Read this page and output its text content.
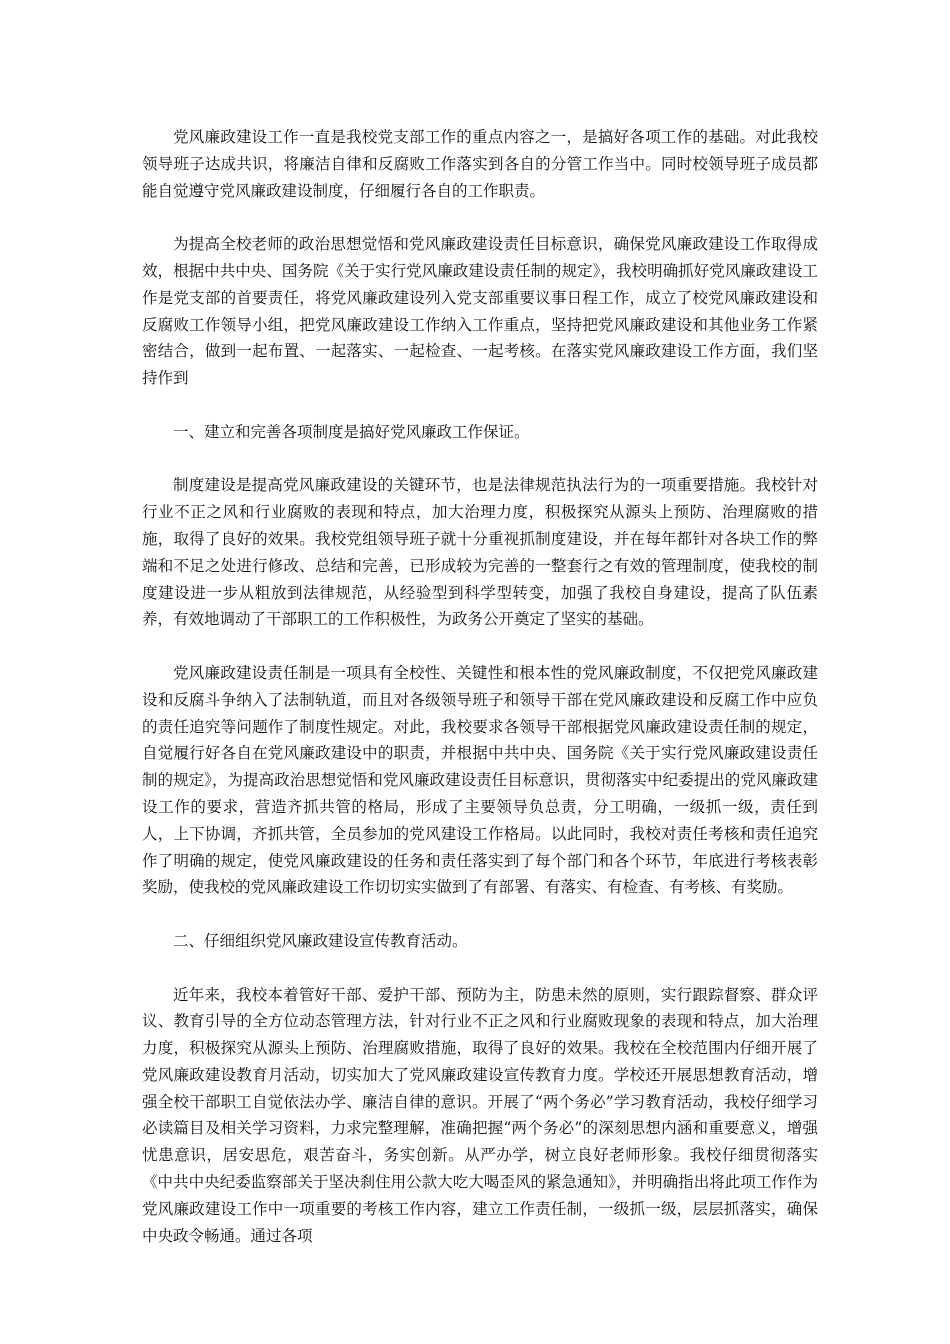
党风廉政建设工作一直是我校党支部工作的重点内容之一，是搞好各项工作的基础。对此我校领导班子达成共识，将廉洁自律和反腐败工作落实到各自的分管工作当中。同时校领导班子成员都能自觉遵守党风廉政建设制度，仔细履行各自的工作职责。

为提高全校老师的政治思想觉悟和党风廉政建设责任目标意识，确保党风廉政建设工作取得成效，根据中共中央、国务院《关于实行党风廉政建设责任制的规定》，我校明确抓好党风廉政建设工作是党支部的首要责任，将党风廉政建设列入党支部重要议事日程工作，成立了校党风廉政建设和反腐败工作领导小组，把党风廉政建设工作纳入工作重点，坚持把党风廉政建设和其他业务工作紧密结合，做到一起布置、一起落实、一起检查、一起考核。在落实党风廉政建设工作方面，我们坚持作到

一、建立和完善各项制度是搞好党风廉政工作保证。

制度建设是提高党风廉政建设的关键环节，也是法律规范执法行为的一项重要措施。我校针对行业不正之风和行业腐败的表现和特点，加大治理力度，积极探究从源头上预防、治理腐败的措施，取得了良好的效果。我校党组领导班子就十分重视抓制度建设，并在每年都针对各块工作的弊端和不足之处进行修改、总结和完善，已形成较为完善的一整套行之有效的管理制度，使我校的制度建设进一步从粗放到法律规范，从经验型到科学型转变，加强了我校自身建设，提高了队伍素养，有效地调动了干部职工的工作积极性，为政务公开奠定了坚实的基础。

党风廉政建设责任制是一项具有全校性、关键性和根本性的党风廉政制度，不仅把党风廉政建设和反腐斗争纳入了法制轨道，而且对各级领导班子和领导干部在党风廉政建设和反腐工作中应负的责任追究等问题作了制度性规定。对此，我校要求各领导干部根据党风廉政建设责任制的规定，自觉履行好各自在党风廉政建设中的职责，并根据中共中央、国务院《关于实行党风廉政建设责任制的规定》，为提高政治思想觉悟和党风廉政建设责任目标意识，贯彻落实中纪委提出的党风廉政建设工作的要求，营造齐抓共管的格局，形成了主要领导负总责，分工明确，一级抓一级，责任到人，上下协调，齐抓共管，全员参加的党风建设工作格局。以此同时，我校对责任考核和责任追究作了明确的规定，使党风廉政建设的任务和责任落实到了每个部门和各个环节，年底进行考核表彰奖励，使我校的党风廉政建设工作切切实实做到了有部署、有落实、有检查、有考核、有奖励。

二、仔细组织党风廉政建设宣传教育活动。

近年来，我校本着管好干部、爱护干部、预防为主，防患未然的原则，实行跟踪督察、群众评议、教育引导的全方位动态管理方法，针对行业不正之风和行业腐败现象的表现和特点，加大治理力度，积极探究从源头上预防、治理腐败措施，取得了良好的效果。我校在全校范围内仔细开展了党风廉政建设教育月活动，切实加大了党风廉政建设宣传教育力度。学校还开展思想教育活动，增强全校干部职工自觉依法办学、廉洁自律的意识。开展了“两个务必”学习教育活动，我校仔细学习必读篇目及相关学习资料，力求完整理解，准确把握“两个务必”的深刻思想内涵和重要意义，增强忧患意识，居安思危，艰苦奋斗，务实创新。从严办学，树立良好老师形象。我校仔细贯彻落实《中共中央纪委监察部关于坚决刹住用公款大吃大喝歪风的紧急通知》，并明确指出将此项工作作为党风廉政建设工作中一项重要的考核工作内容，建立工作责任制，一级抓一级，层层抓落实，确保中央政令畅通。通过各项
